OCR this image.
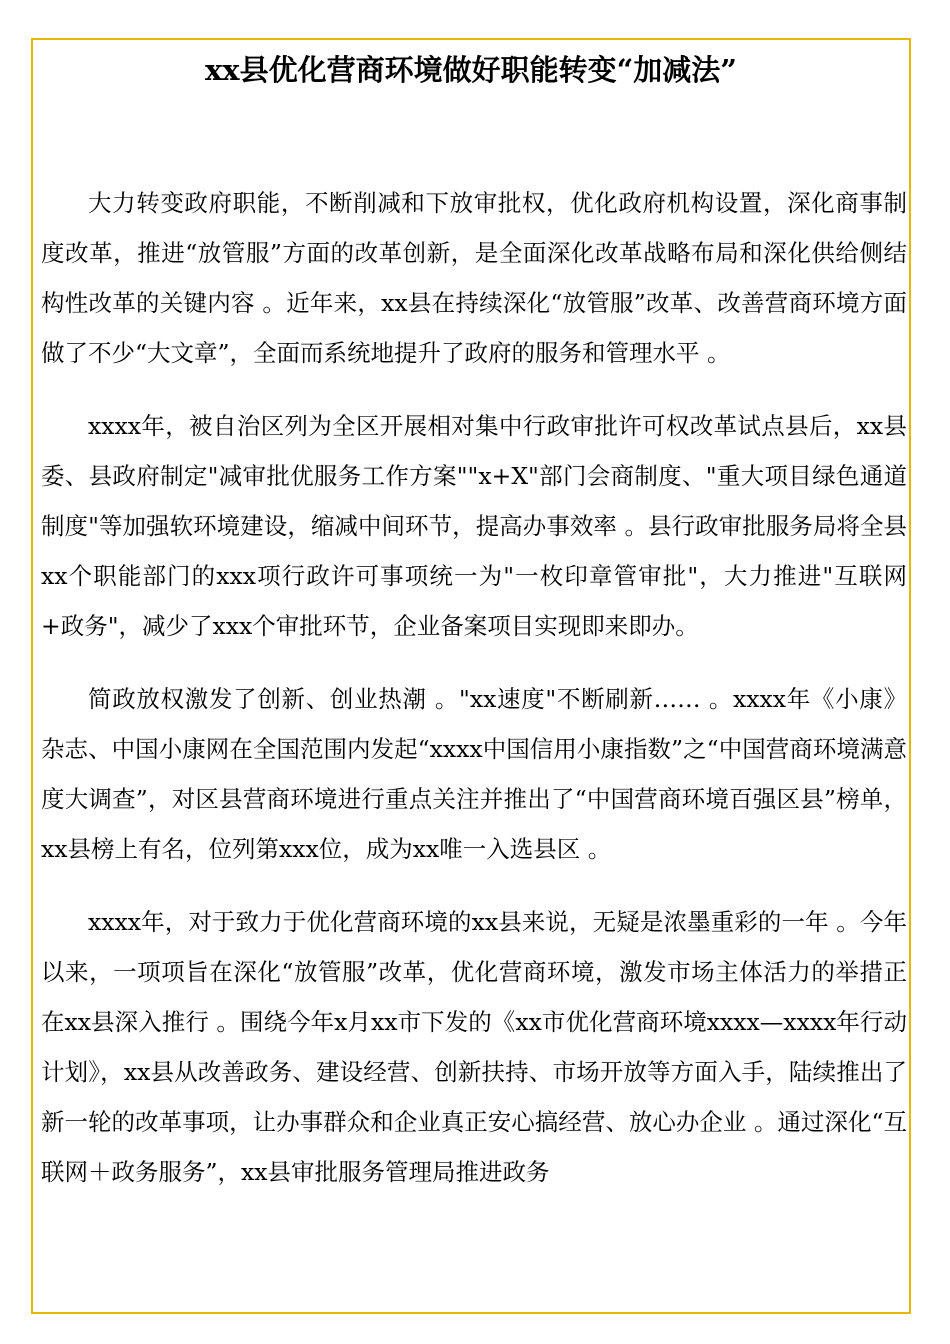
xx县优化营商环境做好职能转变“加减法”

大力转变政府职能，不断削减和下放审批权，优化政府机构设置，深化商事制度改革，推进“放管服”方面的改革创新，是全面深化改革战略布局和深化供给侧结构性改革的关键内容 。近年来，xx县在持续深化“放管服”改革、改善营商环境方面做了不少“大文章”，全面而系统地提升了政府的服务和管理水平 。

xxxx年，被自治区列为全区开展相对集中行政审批许可权改革试点县后，xx县委、县政府制定"减审批优服务工作方案""x+X"部门会商制度、"重大项目绿色通道制度"等加强软环境建设，缩减中间环节，提高办事效率 。县行政审批服务局将全县xx个职能部门的xxx项行政许可事项统一为"一枚印章管审批"，大力推进"互联网+政务"，减少了xxx个审批环节，企业备案项目实现即来即办。

简政放权激发了创新、创业热潮 。"xx速度"不断刷新…… 。xxxx年《小康》杂志、中国小康网在全国范围内发起“xxxx中国信用小康指数”之“中国营商环境满意度大调查”，对区县营商环境进行重点关注并推出了“中国营商环境百强区县”榜单，xx县榜上有名，位列第xxx位，成为xx唯一入选县区 。

xxxx年，对于致力于优化营商环境的xx县来说，无疑是浓墨重彩的一年 。今年以来，一项项旨在深化“放管服”改革，优化营商环境，激发市场主体活力的举措正在xx县深入推行 。围绕今年x月xx市下发的《xx市优化营商环境xxxx—xxxx年行动计划》，xx县从改善政务、建设经营、创新扶持、市场开放等方面入手，陆续推出了新一轮的改革事项，让办事群众和企业真正安心搞经营、放心办企业 。通过深化“互联网＋政务服务”，xx县审批服务管理局推进政务
